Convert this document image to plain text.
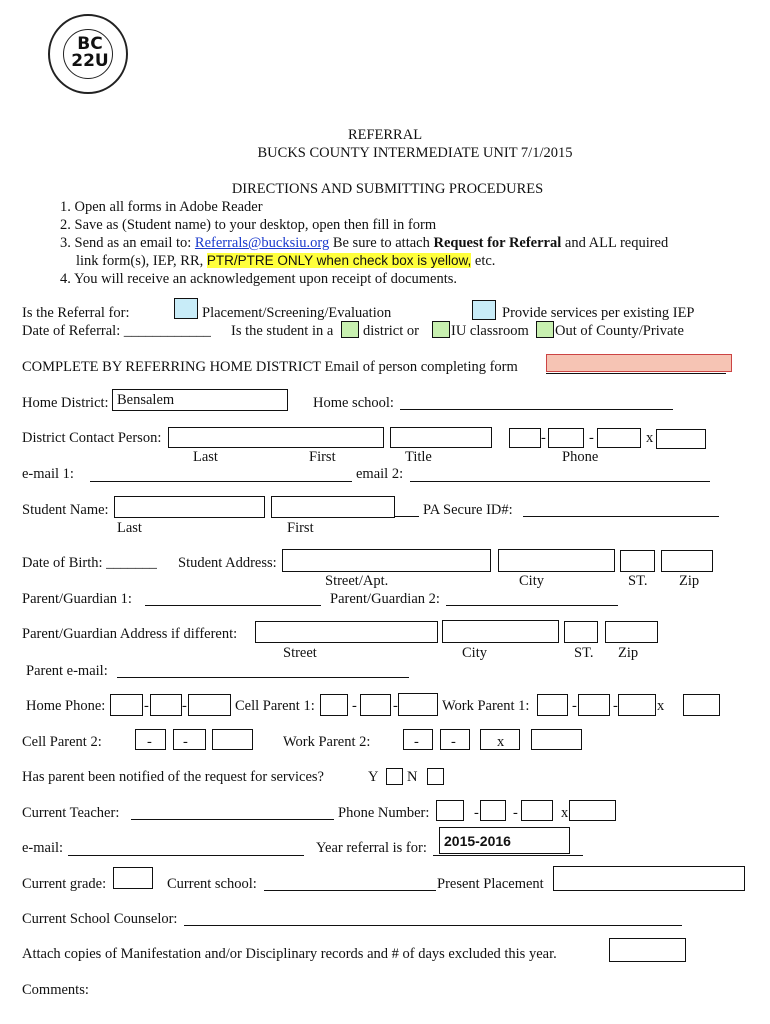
BC
22U
REFERRAL
BUCKS COUNTY INTERMEDIATE UNIT 7/1/2015
DIRECTIONS AND SUBMITTING PROCEDURES
1. Open all forms in Adobe Reader
2. Save as (Student name) to your desktop, open then fill in form
3. Send as an email to: Referrals@bucksiu.org Be sure to attach Request for Referral and ALL required
link form(s), IEP, RR, PTR/PTRE ONLY when check box is yellow, etc.
4. You will receive an acknowledgement upon receipt of documents.
Is the Referral for:	Placement/Screening/Evaluation	Provide services per existing IEP
Date of Referral: ____________ Is the student in a district or IU classroom Out of County/Private
COMPLETE BY REFERRING HOME DISTRICT Email of person completing form
Home District: Bensalem	Home school:
District Contact Person:	-	-	x
Last	First	Title	Phone
e-mail 1:	email 2:
Student Name:	PA Secure ID#:
Last	First
Date of Birth: _______ Student Address:
Street/Apt.	City	ST. Zip
Parent/Guardian 1:	Parent/Guardian 2:
Parent/Guardian Address if different:
Street	City	ST. Zip
Parent e-mail:
Home Phone:	- -	Cell Parent 1:	- -	Work Parent 1:	- -	x
Cell Parent 2:	- -	Work Parent 2:	- -	x
Has parent been notified of the request for services?	Y N
Current Teacher:	Phone Number:	- -	x
e-mail:	Year referral is for:	2015-2016
Current grade:	Current school:	Present Placement
Current School Counselor:
Attach copies of Manifestation and/or Disciplinary records and # of days excluded this year.
Comments:
